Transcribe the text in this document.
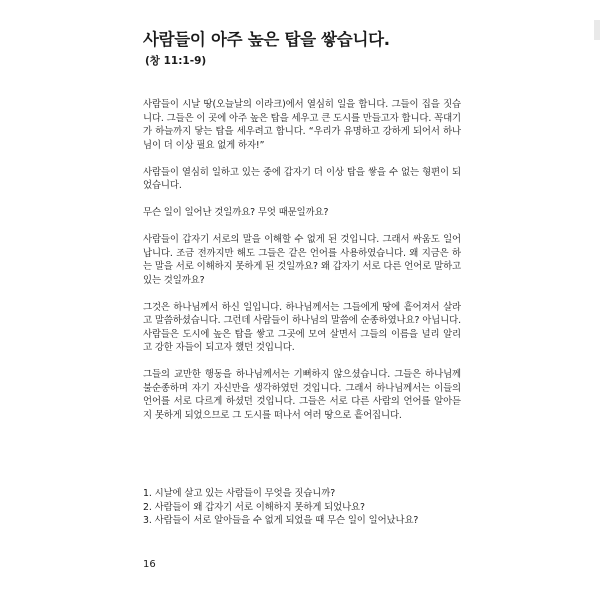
사람들이 아주 높은 탑을 쌓습니다.
(창 11:1-9)

사람들이 시날 땅(오늘날의 이라크)에서 열심히 일을 합니다. 그들이 집을 짓습니다. 그들은 이 곳에 아주 높은 탑을 세우고 큰 도시를 만들고자 합니다. 꼭대기가 하늘까지 닿는 탑을 세우려고 합니다. “우리가 유명하고 강하게 되어서 하나님이 더 이상 필요 없게 하자!”

사람들이 열심히 일하고 있는 중에 갑자기 더 이상 탑을 쌓을 수 없는 형편이 되었습니다.

무슨 일이 일어난 것일까요? 무엇 때문일까요?

사람들이 갑자기 서로의 말을 이해할 수 없게 된 것입니다. 그래서 싸움도 일어납니다. 조금 전까지만 해도 그들은 같은 언어를 사용하였습니다. 왜 지금은 하는 말을 서로 이해하지 못하게 된 것일까요? 왜 갑자기 서로 다른 언어로 말하고 있는 것일까요?

그것은 하나님께서 하신 일입니다. 하나님께서는 그들에게 땅에 흩어져서 살라고 말씀하셨습니다. 그런데 사람들이 하나님의 말씀에 순종하였나요? 아닙니다. 사람들은 도시에 높은 탑을 쌓고 그곳에 모여 살면서 그들의 이름을 널리 알리고 강한 자들이 되고자 했던 것입니다.

그들의 교만한 행동을 하나님께서는 기뻐하지 않으셨습니다. 그들은 하나님께 불순종하며 자기 자신만을 생각하였던 것입니다. 그래서 하나님께서는 이들의 언어를 서로 다르게 하셨던 것입니다. 그들은 서로 다른 사람의 언어를 알아듣지 못하게 되었으므로 그 도시를 떠나서 여러 땅으로 흩어집니다.

1. 시날에 살고 있는 사람들이 무엇을 짓습니까?

2. 사람들이 왜 갑자기 서로 이해하지 못하게 되었나요?

3. 사람들이 서로 알아들을 수 없게 되었을 때 무슨 일이 일어났나요?

16
